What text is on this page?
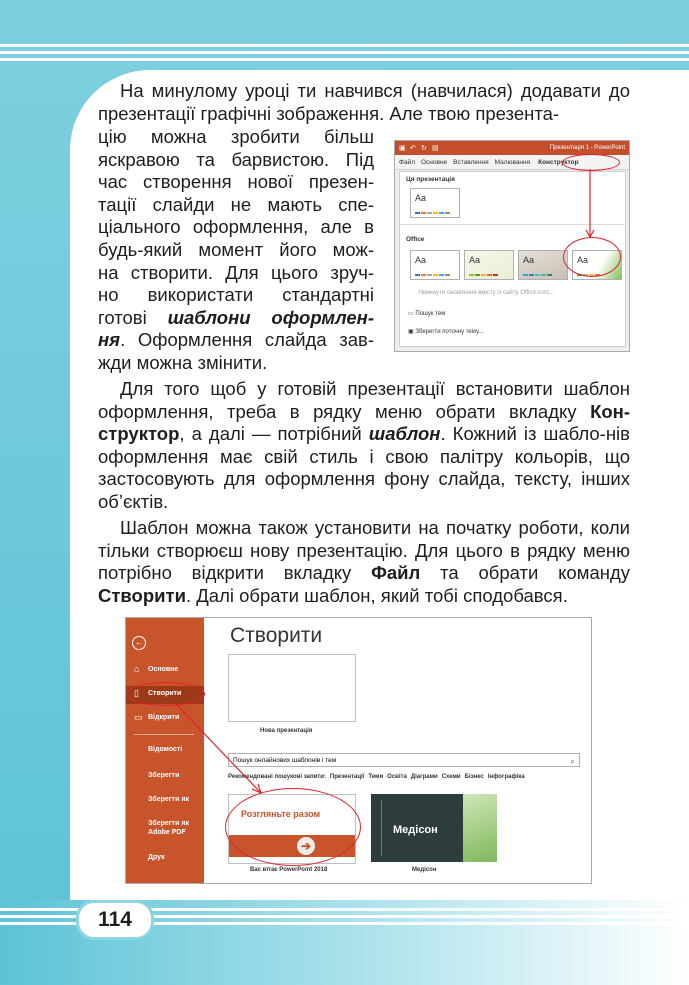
На минулому уроці ти навчився (навчилася) додавати до презентації графічні зображення. Але твою презента-

цію можна зробити більш

яскравою та барвистою. Під

час створення нової презен-

тації слайди не мають спе-

ціального оформлення, але в

будь-який момент його мож-

на створити. Для цього зруч-

но використати стандартні

готові шаблони оформлен-

ня. Оформлення слайда зав-

жди можна змінити.

Для того щоб у готовій презентації встановити шаблон оформлення, треба в рядку меню обрати вкладку Кон-структор, а далі — потрібний шаблон. Кожний із шабло-нів оформлення має свій стиль і свою палітру кольорів, що застосовують для оформлення фону слайда, тексту, інших об’єктів.

Шаблон можна також установити на початку роботи, коли тільки створюєш нову презентацію. Для цього в рядку меню потрібно відкрити вкладку Файл та обрати команду Створити. Далі обрати шаблон, який тобі сподобався.

▣ ↶ ↻ ▤	Презентація 1 - PowerPoint
Файл Основне Вставлення Малювання Конструктор
Ця презентація
Aa
Office
Aa	Aa	Aa	Aa
Увімкнути оновлення вмісту із сайту Office.com...
▭ Пошук тем
▣ Зберегти поточну тему...
←
⌂ Основне
▯ Створити
▭ Відкрити
Відомості
Зберегти
Зберегти як
Зберегти як
Adobe PDF
Друк
Створити
Нова презентація
Пошук онлайнових шаблонів і тем	⌕
Рекомендовані пошукові запити: Презентації Теми Освіта Діаграми Схеми Бізнес Інфографіка
Розгляньте разом
➔
Вас вітає PowerPoint 2018
Медісон
Медісон
114
